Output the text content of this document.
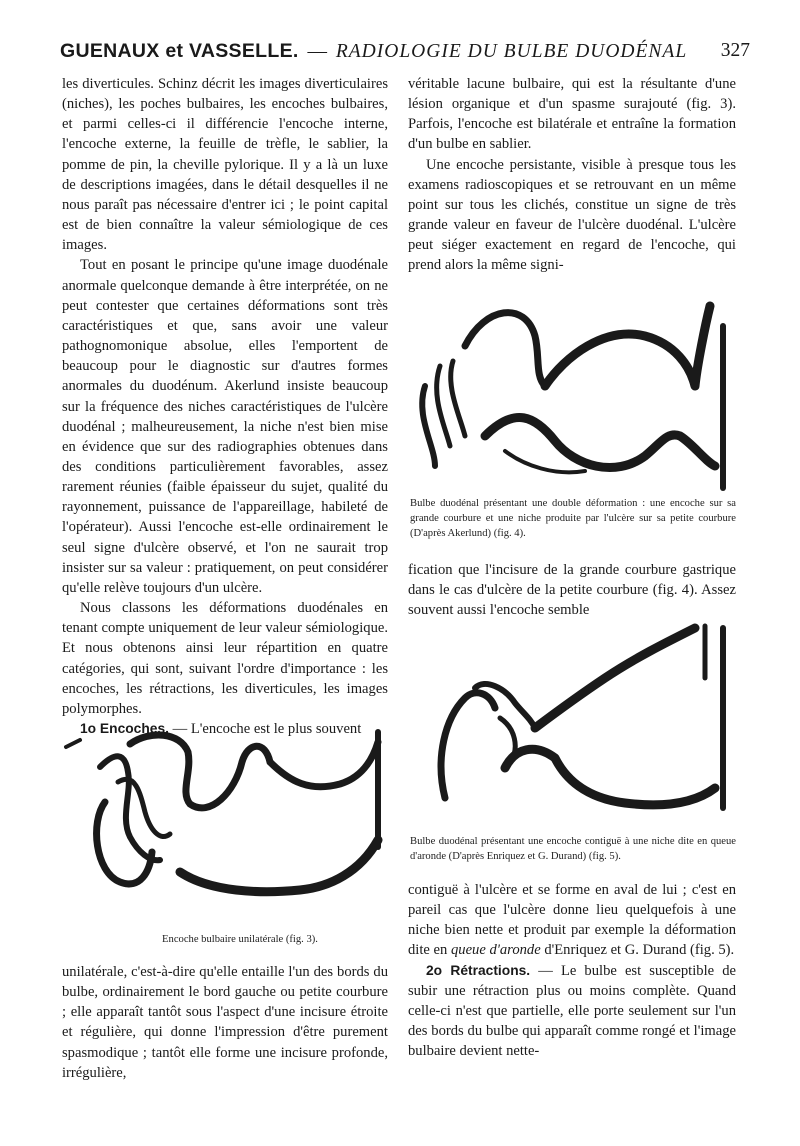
GUENAUX et VASSELLE. — RADIOLOGIE DU BULBE DUODÉNAL 327

les diverticules. Schinz décrit les images diverticulaires (niches), les poches bulbaires, les encoches bulbaires, et parmi celles-ci il différencie l'encoche interne, l'encoche externe, la feuille de trèfle, le sablier, la pomme de pin, la cheville pylorique. Il y a là un luxe de descriptions imagées, dans le détail desquelles il ne nous paraît pas nécessaire d'entrer ici ; le point capital est de bien connaître la valeur sémiologique de ces images.

Tout en posant le principe qu'une image duodénale anormale quelconque demande à être interprétée, on ne peut contester que certaines déformations sont très caractéristiques et que, sans avoir une valeur pathognomonique absolue, elles l'emportent de beaucoup pour le diagnostic sur d'autres formes anormales du duodénum. Akerlund insiste beaucoup sur la fréquence des niches caractéristiques de l'ulcère duodénal ; malheureusement, la niche n'est bien mise en évidence que sur des radiographies obtenues dans des conditions particulièrement favorables, assez rarement réunies (faible épaisseur du sujet, qualité du rayonnement, puissance de l'appareillage, habileté de l'opérateur). Aussi l'encoche est-elle ordinairement le seul signe d'ulcère observé, et l'on ne saurait trop insister sur sa valeur : pratiquement, on peut considérer qu'elle relève toujours d'un ulcère.

Nous classons les déformations duodénales en tenant compte uniquement de leur valeur sémiologique. Et nous obtenons ainsi leur répartition en quatre catégories, qui sont, suivant l'ordre d'importance : les encoches, les rétractions, les diverticules, les images polymorphes.

1o Encoches. — L'encoche est le plus souvent

Encoche bulbaire unilatérale (fig. 3).

unilatérale, c'est-à-dire qu'elle entaille l'un des bords du bulbe, ordinairement le bord gauche ou petite courbure ; elle apparaît tantôt sous l'aspect d'une incisure étroite et régulière, qui donne l'impression d'être purement spasmodique ; tantôt elle forme une incisure profonde, irrégulière,

véritable lacune bulbaire, qui est la résultante d'une lésion organique et d'un spasme surajouté (fig. 3). Parfois, l'encoche est bilatérale et entraîne la formation d'un bulbe en sablier.

Une encoche persistante, visible à presque tous les examens radioscopiques et se retrouvant en un même point sur tous les clichés, constitue un signe de très grande valeur en faveur de l'ulcère duodénal. L'ulcère peut siéger exactement en regard de l'encoche, qui prend alors la même signi-

Bulbe duodénal présentant une double déformation : une encoche sur sa grande courbure et une niche produite par l'ulcère sur sa petite courbure (D'après Akerlund) (fig. 4).

fication que l'incisure de la grande courbure gastrique dans le cas d'ulcère de la petite courbure (fig. 4). Assez souvent aussi l'encoche semble

Bulbe duodénal présentant une encoche contiguë à une niche dite en queue d'aronde (D'après Enriquez et G. Durand) (fig. 5).

contiguë à l'ulcère et se forme en aval de lui ; c'est en pareil cas que l'ulcère donne lieu quelquefois à une niche bien nette et produit par exemple la déformation dite en queue d'aronde d'Enriquez et G. Durand (fig. 5).

2o Rétractions. — Le bulbe est susceptible de subir une rétraction plus ou moins complète. Quand celle-ci n'est que partielle, elle porte seulement sur l'un des bords du bulbe qui apparaît comme rongé et l'image bulbaire devient nette-
